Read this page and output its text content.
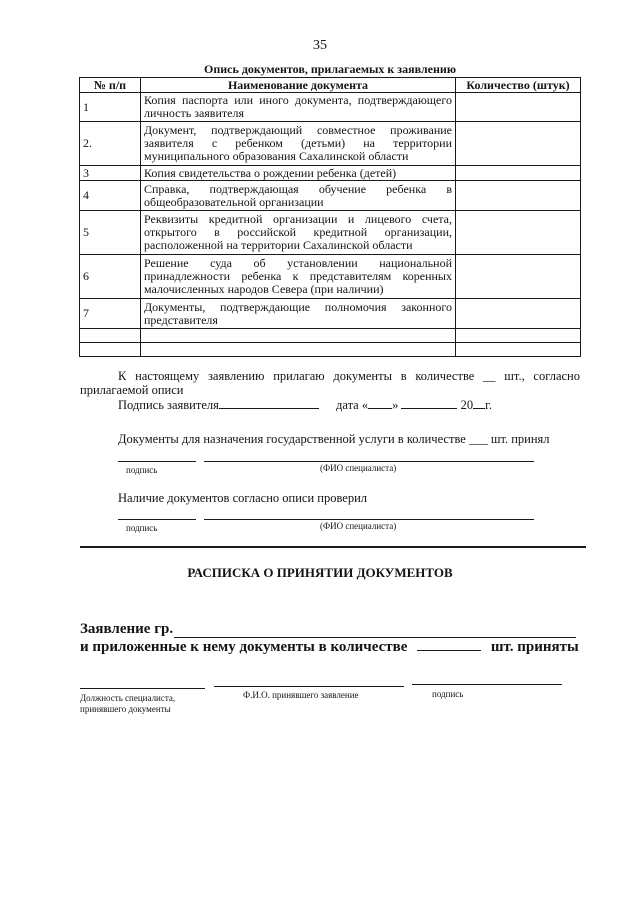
35
Опись документов, прилагаемых к заявлению
№ п/п	Наименование документа	Количество (штук)
1	Копия паспорта или иного документа, подтверждающего личность заявителя	
2.	Документ, подтверждающий совместное проживание заявителя с ребенком (детьми) на территории муниципального образования Сахалинской области	
3	Копия свидетельства о рождении ребенка (детей)	
4	Справка, подтверждающая обучение ребенка в общеобразовательной организации	
5	Реквизиты кредитной организации и лицевого счета, открытого в российской кредитной организации, расположенной на территории Сахалинской области	
6	Решение суда об установлении национальной принадлежности ребенка к представителям коренных малочисленных народов Севера (при наличии)	
7	Документы, подтверждающие полномочия законного представителя	

К настоящему заявлению прилагаю документы в количестве __ шт., согласно прилагаемой описи
Подпись заявителя	дата « »	20 г.
Документы для назначения государственной услуги в количестве ___ шт. принял
подпись	(ФИО специалиста)
Наличие документов согласно описи проверил
подпись	(ФИО специалиста)
РАСПИСКА О ПРИНЯТИИ ДОКУМЕНТОВ
Заявление гр.
и приложенные к нему документы в количестве	шт. приняты
Должность специалиста,
принявшего документы
Ф.И.О. принявшего заявление	подпись
